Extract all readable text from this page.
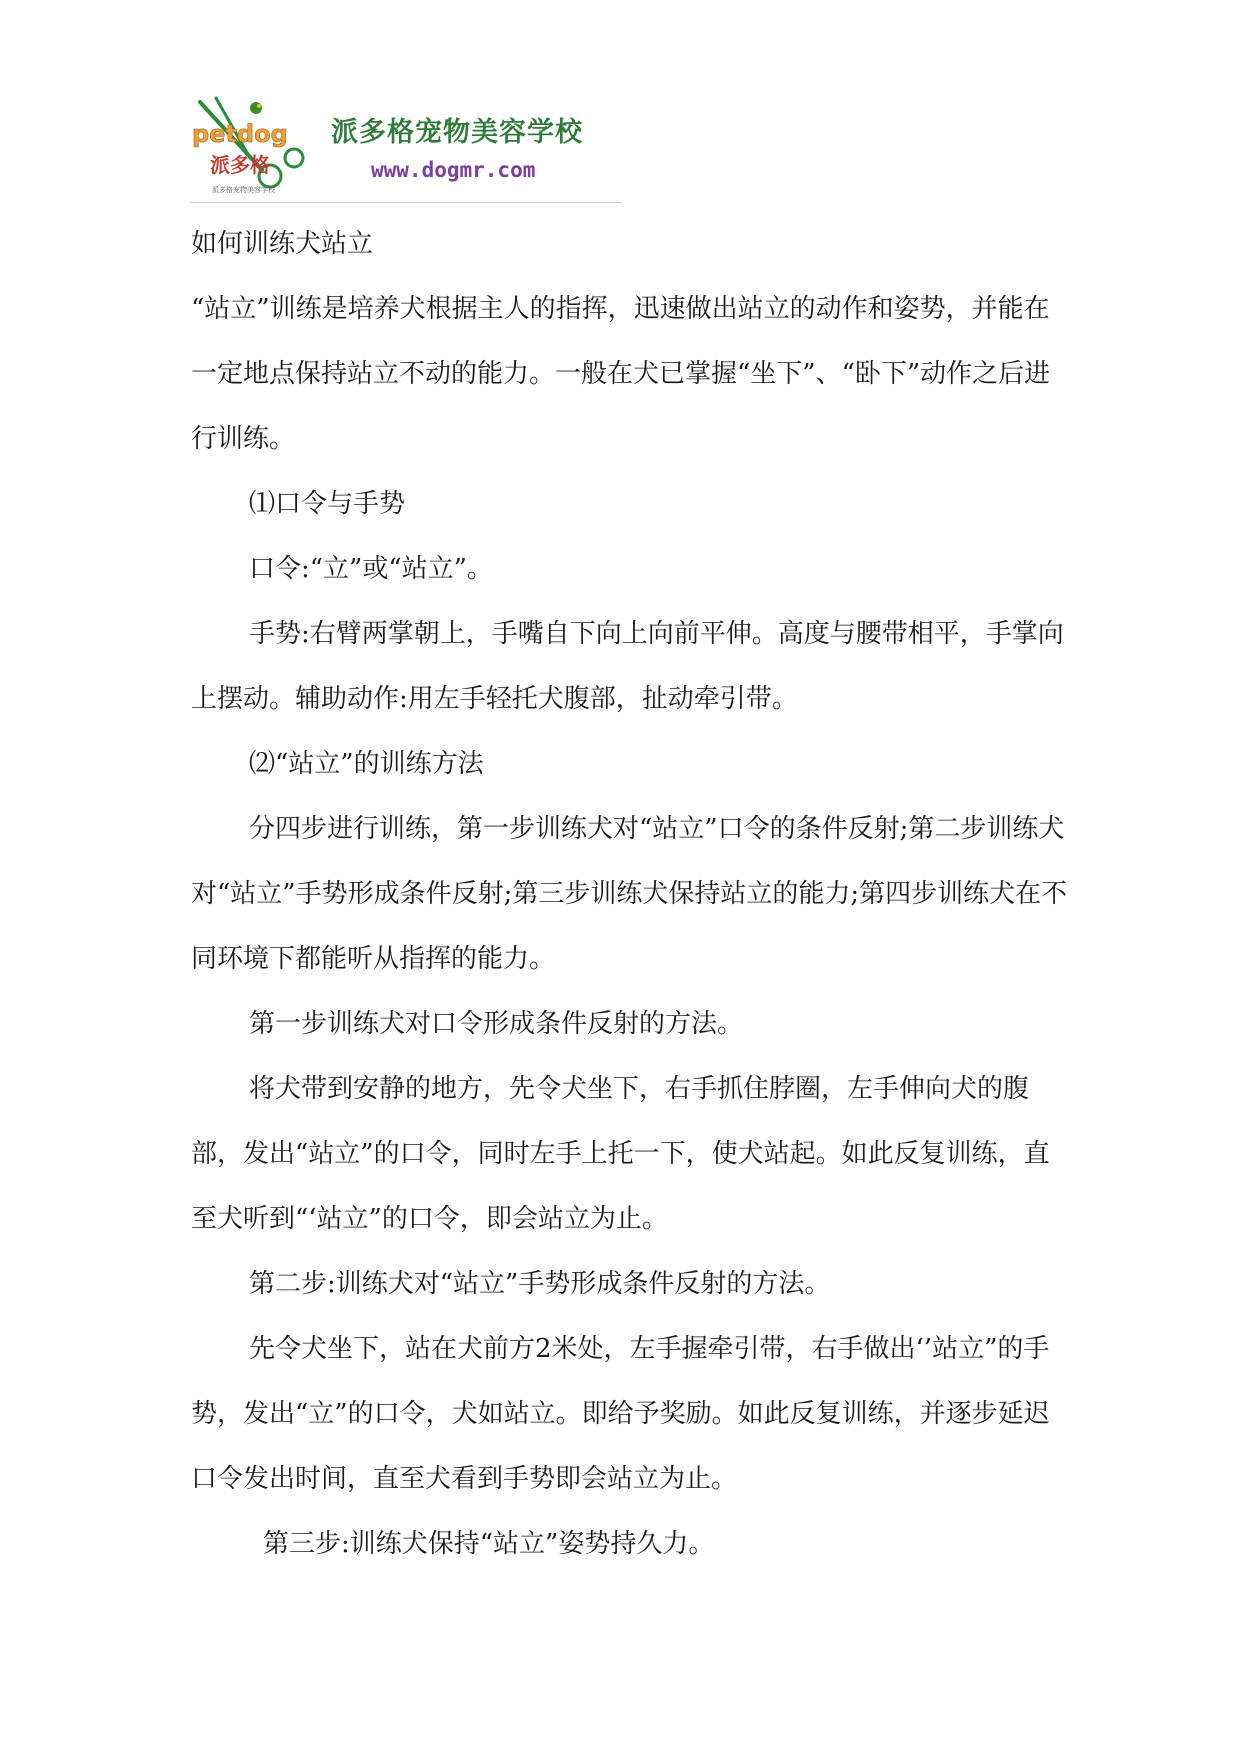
petdog
派多格
派多格宠物美容学校
派多格宠物美容学校
www.dogmr.com

如何训练犬站立

“站立”训练是培养犬根据主人的指挥，迅速做出站立的动作和姿势，并能在一定地点保持站立不动的能力。一般在犬已掌握“坐下”、“卧下”动作之后进行训练。

⑴口令与手势

口令:“立”或“站立”。

手势:右臂两掌朝上，手嘴自下向上向前平伸。高度与腰带相平，手掌向上摆动。辅助动作:用左手轻托犬腹部，扯动牵引带。

⑵“站立”的训练方法

分四步进行训练，第一步训练犬对“站立”口令的条件反射;第二步训练犬对“站立”手势形成条件反射;第三步训练犬保持站立的能力;第四步训练犬在不同环境下都能听从指挥的能力。

第一步训练犬对口令形成条件反射的方法。

将犬带到安静的地方，先令犬坐下，右手抓住脖圈，左手伸向犬的腹部，发出“站立”的口令，同时左手上托一下，使犬站起。如此反复训练，直至犬听到“‘站立”的口令，即会站立为止。

第二步:训练犬对“站立”手势形成条件反射的方法。

先令犬坐下，站在犬前方2米处，左手握牵引带，右手做出‘’站立”的手势，发出“立”的口令，犬如站立。即给予奖励。如此反复训练，并逐步延迟口令发出时间，直至犬看到手势即会站立为止。

第三步:训练犬保持“站立”姿势持久力。
